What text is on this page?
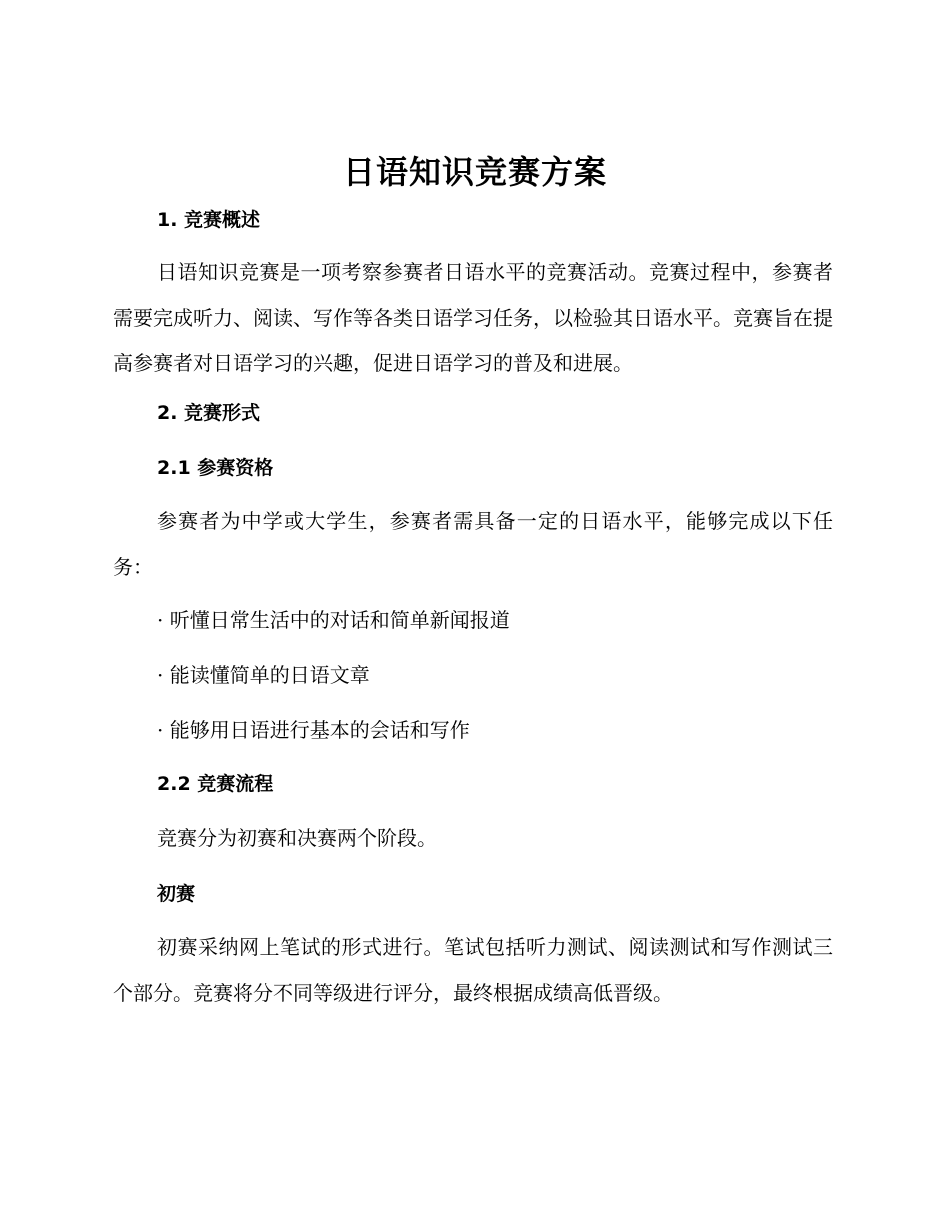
日语知识竞赛方案
1. 竞赛概述
日语知识竞赛是一项考察参赛者日语水平的竞赛活动。竞赛过程中，参赛者需要完成听力、阅读、写作等各类日语学习任务，以检验其日语水平。竞赛旨在提高参赛者对日语学习的兴趣，促进日语学习的普及和进展。
2. 竞赛形式
2.1 参赛资格
参赛者为中学或大学生，参赛者需具备一定的日语水平，能够完成以下任务：
· 听懂日常生活中的对话和简单新闻报道
· 能读懂简单的日语文章
· 能够用日语进行基本的会话和写作
2.2 竞赛流程
竞赛分为初赛和决赛两个阶段。
初赛
初赛采纳网上笔试的形式进行。笔试包括听力测试、阅读测试和写作测试三个部分。竞赛将分不同等级进行评分，最终根据成绩高低晋级。
